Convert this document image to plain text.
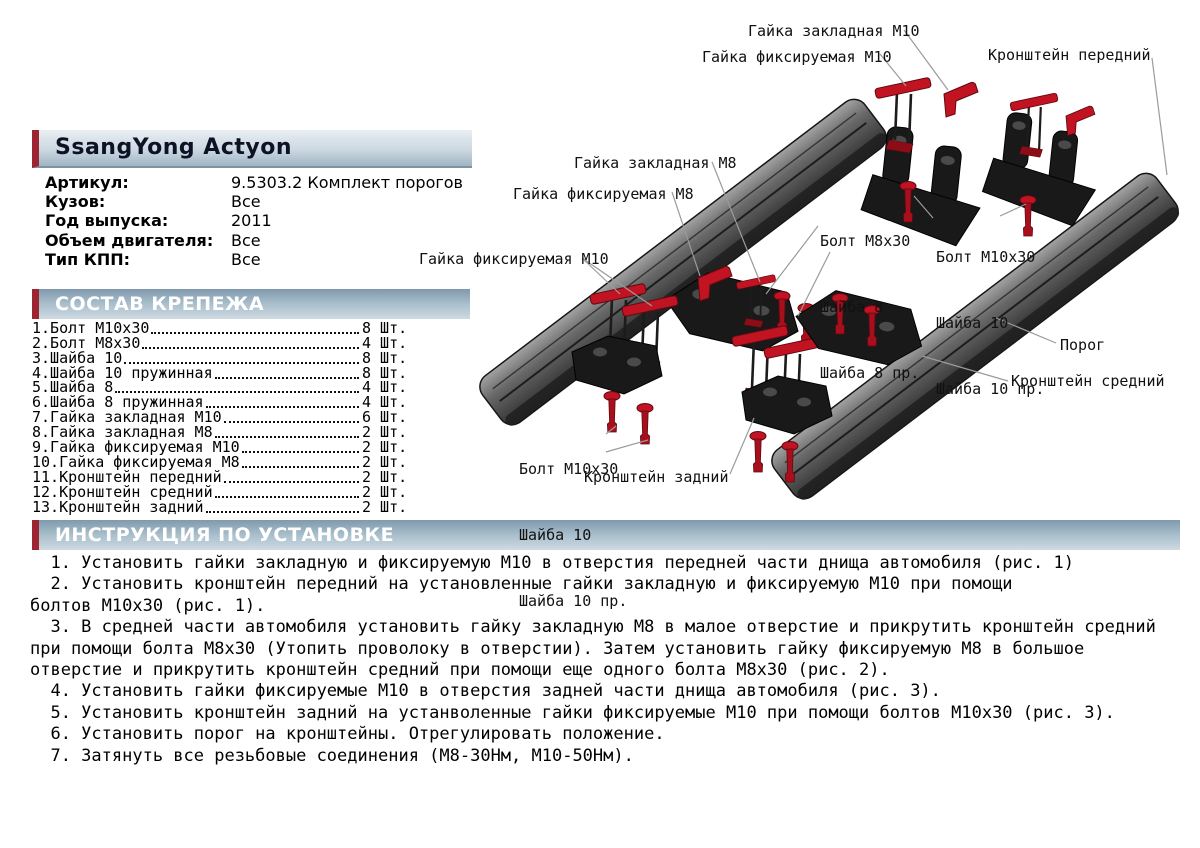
Гайка закладная М10
Гайка фиксируемая М10	Кронштейн передний
Гайка закладная М8
Гайка фиксируемая М8
Гайка фиксируемая М10

Болт М8х30

Шайба 8

Шайба 8 пр.

Болт М10х30

Шайба 10

Шайба 10 пр.

Болт М10х30

Шайба 10

Шайба 10 пр.

Кронштейн задний
Порог
Кронштейн средний
SsangYong Actyon
Артикул:	9.5303.2 Комплект порогов
Кузов:	Все
Год выпуска:	2011
Объем двигателя:	Все
Тип КПП:	Все
СОСТАВ КРЕПЕЖА
1.Болт М10х30	8 Шт.
2.Болт М8х30	4 Шт.
3.Шайба 10	8 Шт.
4.Шайба 10 пружинная	8 Шт.
5.Шайба 8	4 Шт.
6.Шайба 8 пружинная	4 Шт.
7.Гайка закладная М10	6 Шт.
8.Гайка закладная М8	2 Шт.
9.Гайка фиксируемая М10	2 Шт.
10.Гайка фиксируемая М8	2 Шт.
11.Кронштейн передний	2 Шт.
12.Кронштейн средний	2 Шт.
13.Кронштейн задний	2 Шт.
ИНСТРУКЦИЯ ПО УСТАНОВКЕ
1. Установить гайки закладную и фиксируемую М10 в отверстия передней части днища автомобиля (рис. 1)
2. Установить кронштейн передний на установленные гайки закладную и фиксируемую М10 при помощи
болтов М10х30 (рис. 1).
3. В средней части автомобиля установить гайку закладную М8 в малое отверстие и прикрутить кронштейн средний
при помощи болта М8х30 (Утопить проволоку в отверстии). Затем установить гайку фиксируемую М8 в большое
отверстие и прикрутить кронштейн средний при помощи еще одного болта М8х30 (рис. 2).
4. Установить гайки фиксируемые М10 в отверстия задней части днища автомобиля (рис. 3).
5. Установить кронштейн задний на устанволенные гайки фиксируемые М10 при помощи болтов М10х30 (рис. 3).
6. Установить порог на кронштейны. Отрегулировать положение.
7. Затянуть все резьбовые соединения (М8-30Нм, М10-50Нм).
